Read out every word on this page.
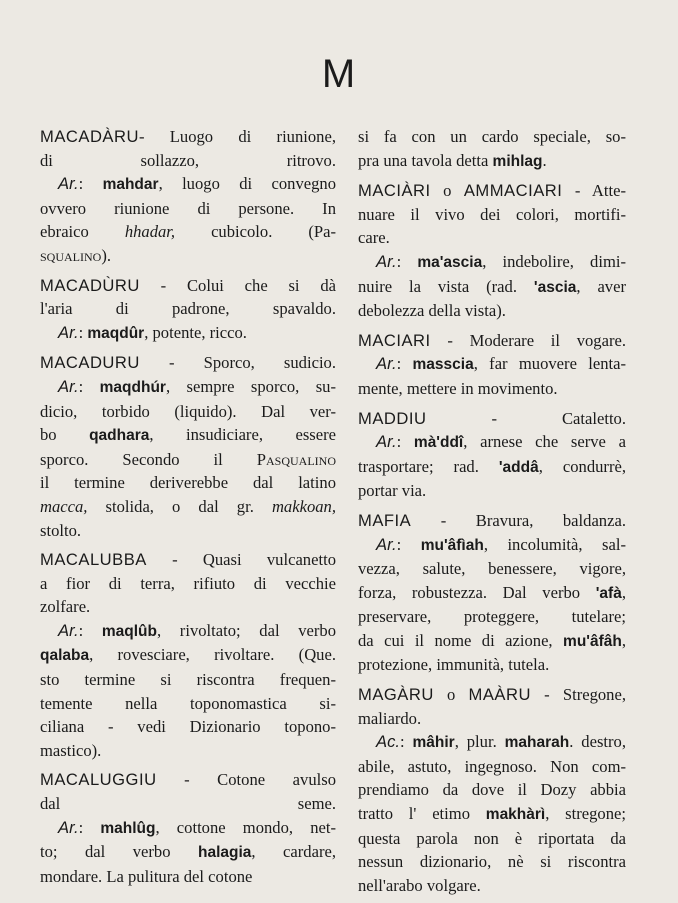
M
MACADÀRU- Luogo di riunione,
di sollazzo, ritrovo.
Ar.: mahdar, luogo di convegno
ovvero riunione di persone. In
ebraico hhadar, cubicolo. (Pa-
squalino).
MACADÙRU - Colui che si dà
l'aria di padrone, spavaldo.
Ar.: maqdûr, potente, ricco.
MACADURU - Sporco, sudicio.
Ar.: maqdhúr, sempre sporco, su-
dicio, torbido (liquido). Dal ver-
bo qadhara, insudiciare, essere
sporco. Secondo il Pasqualino
il termine deriverebbe dal latino
macca, stolida, o dal gr. makkoan,
stolto.
MACALUBBA - Quasi vulcanetto
a fior di terra, rifiuto di vecchie
zolfare.
Ar.: maqlûb, rivoltato; dal verbo
qalaba, rovesciare, rivoltare. (Que.
sto termine si riscontra frequen-
temente nella toponomastica si-
ciliana - vedi Dizionario topono-
mastico).
MACALUGGIU - Cotone avulso
dal seme.
Ar.: mahlûg, cottone mondo, net-
to; dal verbo halagia, cardare,
mondare. La pulitura del cotone
si fa con un cardo speciale, so-
pra una tavola detta mihlag.
MACIÀRI o AMMACIARI - Atte-
nuare il vivo dei colori, mortifi-
care.
Ar.: ma'ascia, indebolire, dimi-
nuire la vista (rad. 'ascia, aver
debolezza della vista).
MACIARI - Moderare il vogare.
Ar.: masscia, far muovere lenta-
mente, mettere in movimento.
MADDIU - Cataletto.
Ar.: mà'ddî, arnese che serve a
trasportare; rad. 'addâ, condurrè,
portar via.
MAFIA - Bravura, baldanza.
Ar.: mu'âfìah, incolumità, sal-
vezza, salute, benessere, vigore,
forza, robustezza. Dal verbo 'afà,
preservare, proteggere, tutelare;
da cui il nome di azione, mu'âfâh,
protezione, immunità, tutela.
MAGÀRU o MAÀRU - Stregone,
maliardo.
Ac.: mâhir, plur. maharah. destro,
abile, astuto, ingegnoso. Non com-
prendiamo da dove il Dozy abbia
tratto l' etimo makhàrì, stregone;
questa parola non è riportata da
nessun dizionario, nè si riscontra
nell'arabo volgare.
